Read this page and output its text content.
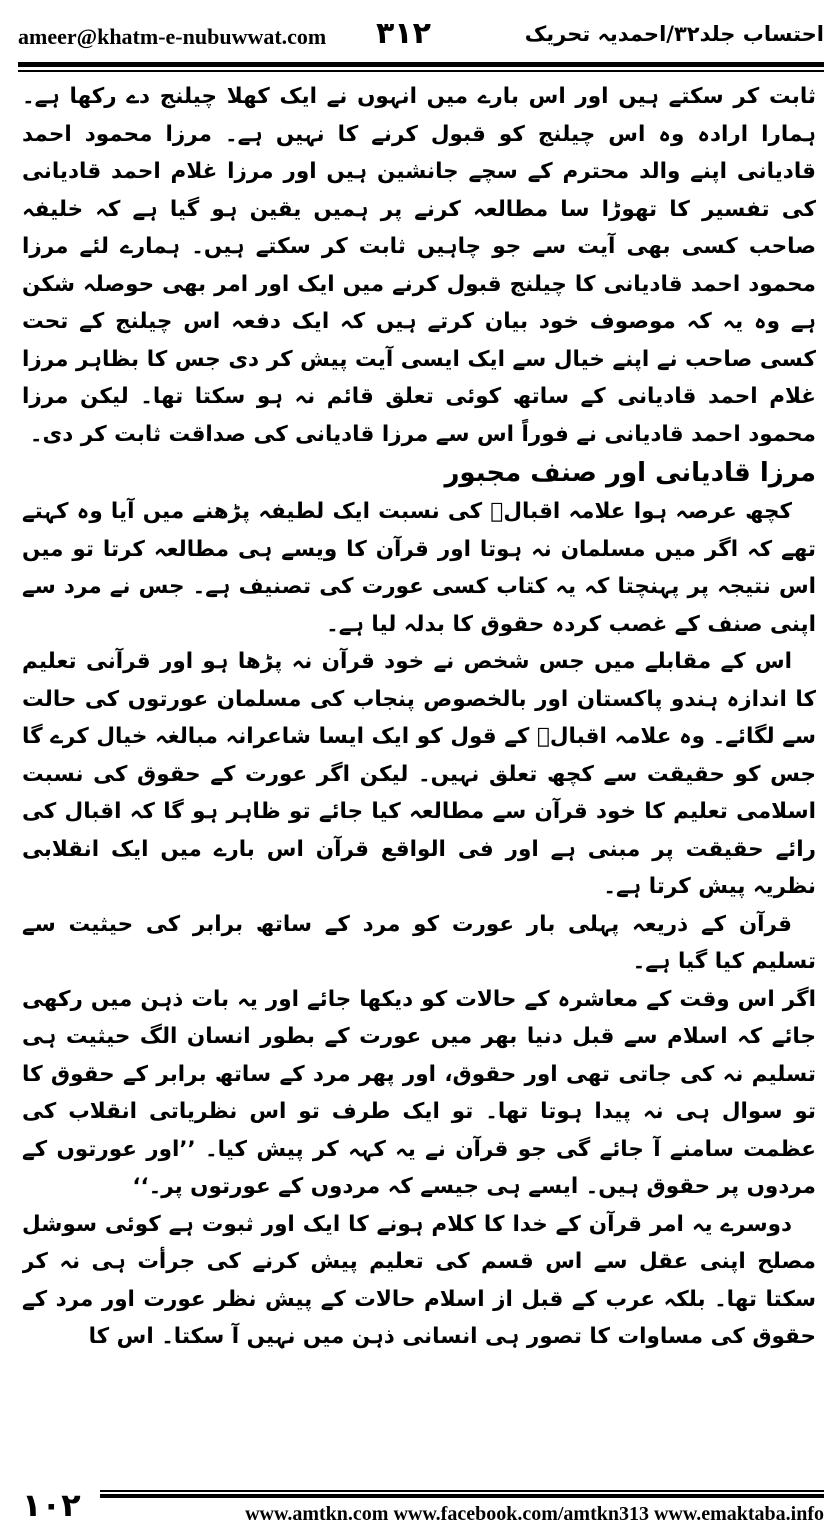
ameer@khatm-e-nubuwwat.com ۳۱۲	احتساب جلد۳۲/احمدیہ تحریک

ثابت کر سکتے ہیں اور اس بارے میں انہوں نے ایک کھلا چیلنج دے رکھا ہے۔ ہمارا ارادہ وہ اس چیلنج کو قبول کرنے کا نہیں ہے۔ مرزا محمود احمد قادیانی اپنے والد محترم کے سچے جانشین ہیں اور مرزا غلام احمد قادیانی کی تفسیر کا تھوڑا سا مطالعہ کرنے پر ہمیں یقین ہو گیا ہے کہ خلیفہ صاحب کسی بھی آیت سے جو چاہیں ثابت کر سکتے ہیں۔ ہمارے لئے مرزا محمود احمد قادیانی کا چیلنج قبول کرنے میں ایک اور امر بھی حوصلہ شکن ہے وہ یہ کہ موصوف خود بیان کرتے ہیں کہ ایک دفعہ اس چیلنج کے تحت کسی صاحب نے اپنے خیال سے ایک ایسی آیت پیش کر دی جس کا بظاہر مرزا غلام احمد قادیانی کے ساتھ کوئی تعلق قائم نہ ہو سکتا تھا۔ لیکن مرزا محمود احمد قادیانی نے فوراً اس سے مرزا قادیانی کی صداقت ثابت کر دی۔

مرزا قادیانی اور صنف مجبور

کچھ عرصہ ہوا علامہ اقبالؒ کی نسبت ایک لطیفہ پڑھنے میں آیا وہ کہتے تھے کہ اگر میں مسلمان نہ ہوتا اور قرآن کا ویسے ہی مطالعہ کرتا تو میں اس نتیجہ پر پہنچتا کہ یہ کتاب کسی عورت کی تصنیف ہے۔ جس نے مرد سے اپنی صنف کے غصب کردہ حقوق کا بدلہ لیا ہے۔

اس کے مقابلے میں جس شخص نے خود قرآن نہ پڑھا ہو اور قرآنی تعلیم کا اندازہ ہندو پاکستان اور بالخصوص پنجاب کی مسلمان عورتوں کی حالت سے لگائے۔ وہ علامہ اقبالؒ کے قول کو ایک ایسا شاعرانہ مبالغہ خیال کرے گا جس کو حقیقت سے کچھ تعلق نہیں۔ لیکن اگر عورت کے حقوق کی نسبت اسلامی تعلیم کا خود قرآن سے مطالعہ کیا جائے تو ظاہر ہو گا کہ اقبال کی رائے حقیقت پر مبنی ہے اور فی الواقع قرآن اس بارے میں ایک انقلابی نظریہ پیش کرتا ہے۔

قرآن کے ذریعہ پہلی بار عورت کو مرد کے ساتھ برابر کی حیثیت سے تسلیم کیا گیا ہے۔

اگر اس وقت کے معاشرہ کے حالات کو دیکھا جائے اور یہ بات ذہن میں رکھی جائے کہ اسلام سے قبل دنیا بھر میں عورت کے بطور انسان الگ حیثیت ہی تسلیم نہ کی جاتی تھی اور حقوق، اور پھر مرد کے ساتھ برابر کے حقوق کا تو سوال ہی نہ پیدا ہوتا تھا۔ تو ایک طرف تو اس نظریاتی انقلاب کی عظمت سامنے آ جائے گی جو قرآن نے یہ کہہ کر پیش کیا۔ ’’اور عورتوں کے مردوں پر حقوق ہیں۔ ایسے ہی جیسے کہ مردوں کے عورتوں پر۔‘‘

دوسرے یہ امر قرآن کے خدا کا کلام ہونے کا ایک اور ثبوت ہے کوئی سوشل مصلح اپنی عقل سے اس قسم کی تعلیم پیش کرنے کی جرأت ہی نہ کر سکتا تھا۔ بلکہ عرب کے قبل از اسلام حالات کے پیش نظر عورت اور مرد کے حقوق کی مساوات کا تصور ہی انسانی ذہن میں نہیں آ سکتا۔ اس کا

۱۰۲	www.amtkn.com www.facebook.com/amtkn313 www.emaktaba.info
